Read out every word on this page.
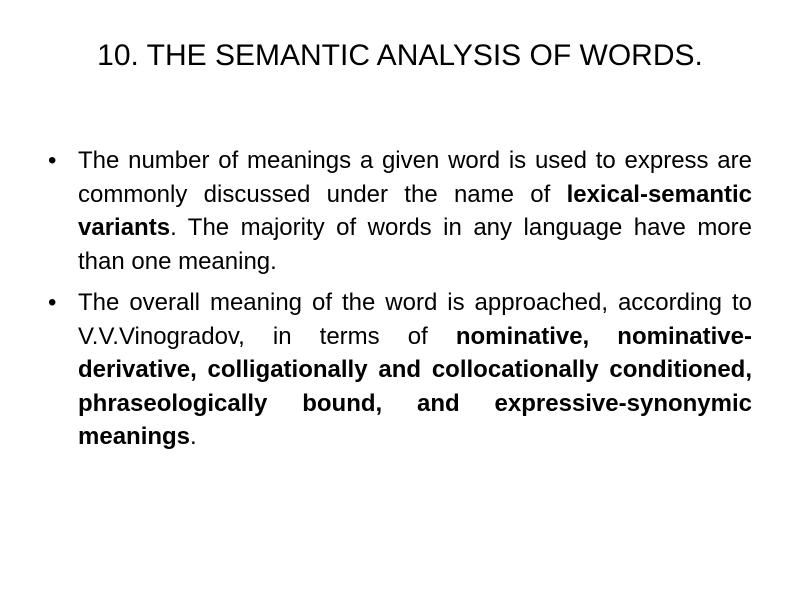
10. THE SEMANTIC ANALYSIS OF WORDS.
• The number of meanings a given word is used to express are commonly discussed under the name of lexical-semantic variants. The majority of words in any language have more than one meaning.
• The overall meaning of the word is approached, according to V.V.Vinogradov, in terms of nominative, nominative-derivative, colligationally and collocationally conditioned, phraseologically bound, and expressive-synonymic meanings.
